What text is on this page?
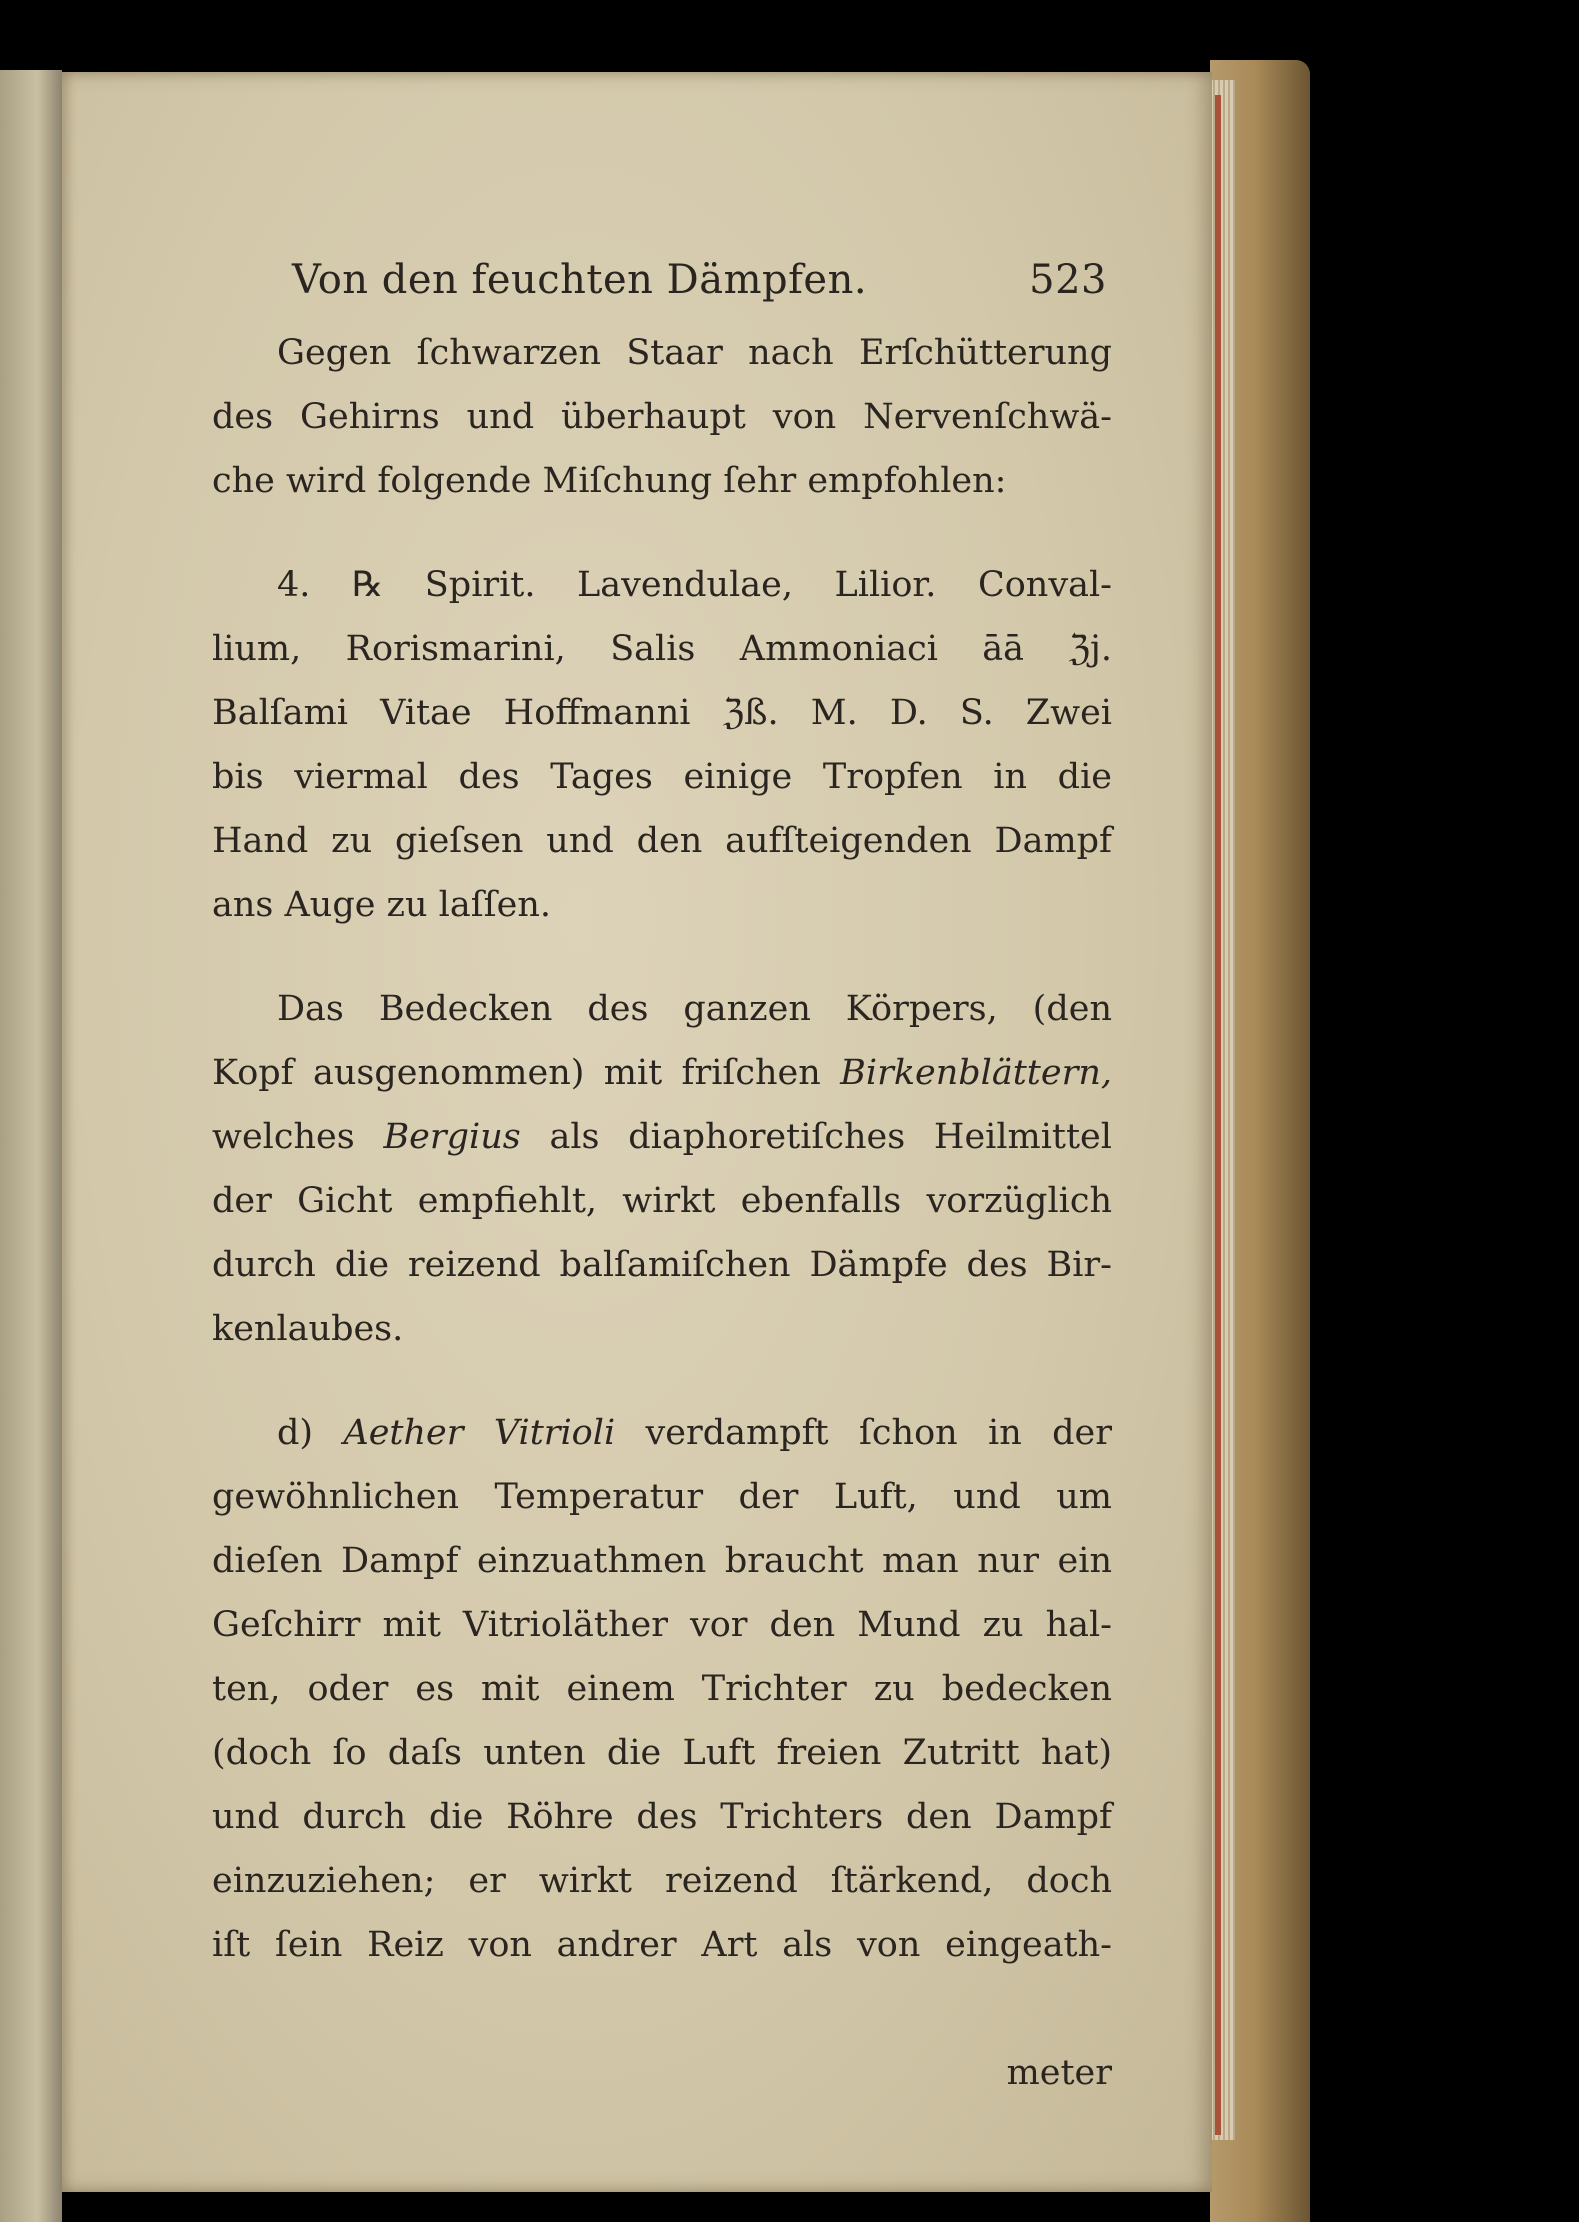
Von den feuchten Dämpfen.	523
Gegen ſchwarzen Staar nach Erſchütterung
des Gehirns und überhaupt von Nervenſchwä-
che wird folgende Miſchung ſehr empfohlen:
4. ℞ Spirit. Lavendulae, Lilior. Conval-
lium, Rorismarini, Salis Ammoniaci āā ℨj.
Balſami Vitae Hoffmanni ℨß. M. D. S. Zwei
bis viermal des Tages einige Tropfen in die
Hand zu gieſsen und den aufſteigenden Dampf
ans Auge zu laſſen.
Das Bedecken des ganzen Körpers, (den
Kopf ausgenommen) mit friſchen Birkenblättern,
welches Bergius als diaphoretiſches Heilmittel
der Gicht empfiehlt, wirkt ebenfalls vorzüglich
durch die reizend balſamiſchen Dämpfe des Bir-
kenlaubes.
d) Aether Vitrioli verdampft ſchon in der
gewöhnlichen Temperatur der Luft, und um
dieſen Dampf einzuathmen braucht man nur ein
Geſchirr mit Vitrioläther vor den Mund zu hal-
ten, oder es mit einem Trichter zu bedecken
(doch ſo daſs unten die Luft freien Zutritt hat)
und durch die Röhre des Trichters den Dampf
einzuziehen; er wirkt reizend ſtärkend, doch
iſt ſein Reiz von andrer Art als von eingeath-
meter
